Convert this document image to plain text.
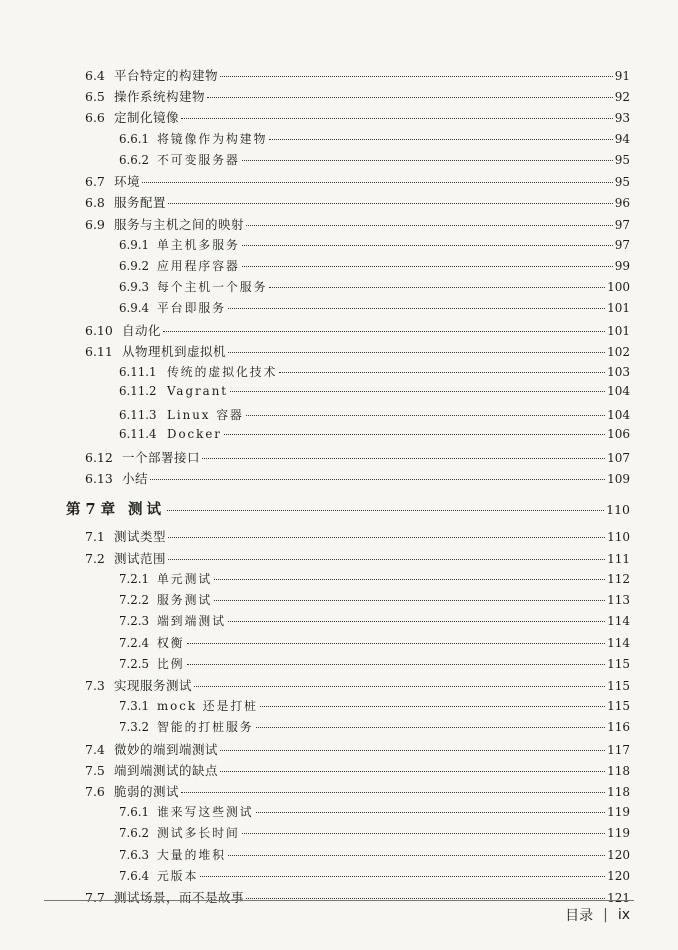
6.4 平台特定的构建物	91
6.5 操作系统构建物	92
6.6 定制化镜像	93
6.6.1 将镜像作为构建物	94
6.6.2 不可变服务器	95
6.7 环境	95
6.8 服务配置	96
6.9 服务与主机之间的映射	97
6.9.1 单主机多服务	97
6.9.2 应用程序容器	99
6.9.3 每个主机一个服务	100
6.9.4 平台即服务	101
6.10 自动化	101
6.11 从物理机到虚拟机	102
6.11.1 传统的虚拟化技术	103
6.11.2 Vagrant	104
6.11.3 Linux 容器	104
6.11.4 Docker	106
6.12 一个部署接口	107
6.13 小结	109
第 7 章 测试	110
7.1 测试类型	110
7.2 测试范围	111
7.2.1 单元测试	112
7.2.2 服务测试	113
7.2.3 端到端测试	114
7.2.4 权衡	114
7.2.5 比例	115
7.3 实现服务测试	115
7.3.1 mock 还是打桩	115
7.3.2 智能的打桩服务	116
7.4 微妙的端到端测试	117
7.5 端到端测试的缺点	118
7.6 脆弱的测试	118
7.6.1 谁来写这些测试	119
7.6.2 测试多长时间	119
7.6.3 大量的堆积	120
7.6.4 元版本	120
7.7 测试场景，而不是故事	121
目录 | ix
